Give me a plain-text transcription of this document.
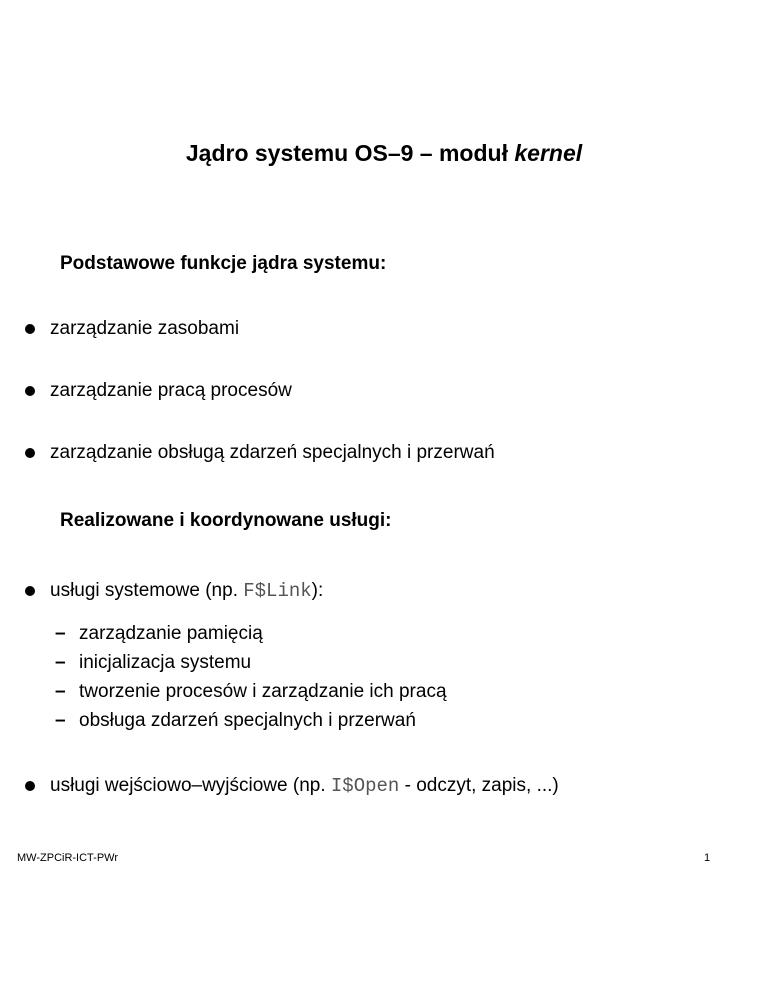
Jądro systemu OS–9 – moduł kernel
Podstawowe funkcje jądra systemu:
zarządzanie zasobami
zarządzanie pracą procesów
zarządzanie obsługą zdarzeń specjalnych i przerwań
Realizowane i koordynowane usługi:
usługi systemowe (np. F$Link ):
– zarządzanie pamięcią
– inicjalizacja systemu
– tworzenie procesów i zarządzanie ich pracą
– obsługa zdarzeń specjalnych i przerwań
usługi wejściowo–wyjściowe (np. I$Open - odczyt, zapis, ...)
MW-ZPCiR-ICT-PWr	1
